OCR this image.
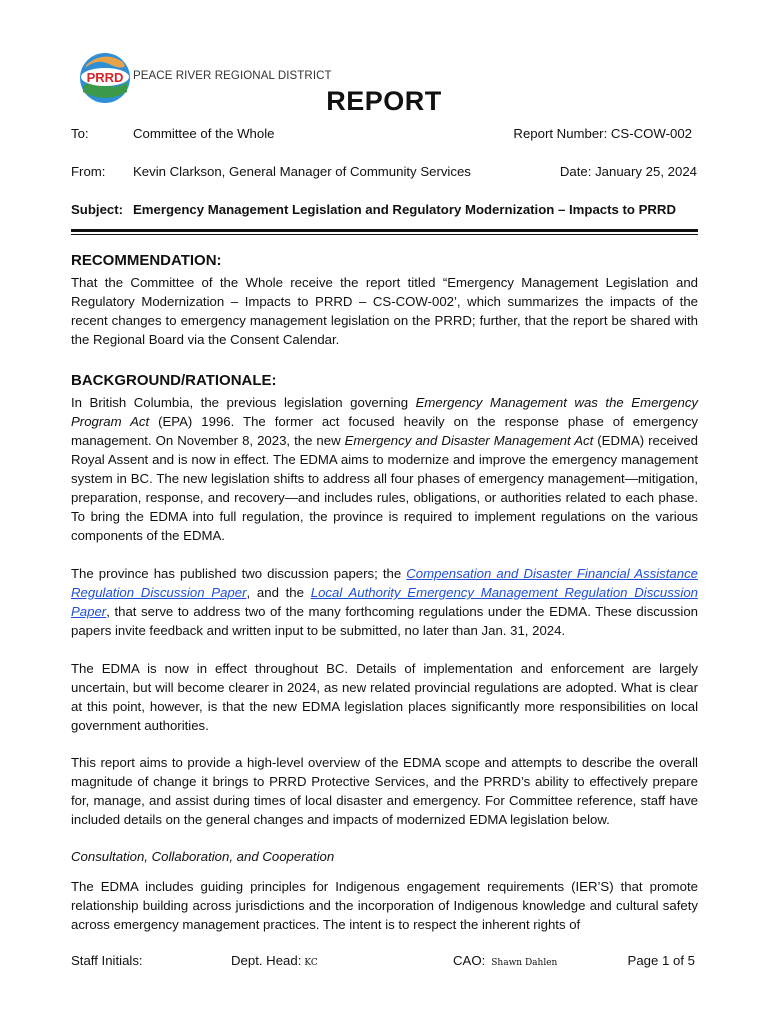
PRRD PEACE RIVER REGIONAL DISTRICT
REPORT
To:	Committee of the Whole	Report Number: CS-COW-002
From: Kevin Clarkson, General Manager of Community Services	Date: January 25, 2024
Subject: Emergency Management Legislation and Regulatory Modernization – Impacts to PRRD
RECOMMENDATION:
That the Committee of the Whole receive the report titled “Emergency Management Legislation and Regulatory Modernization – Impacts to PRRD – CS-COW-002’, which summarizes the impacts of the recent changes to emergency management legislation on the PRRD; further, that the report be shared with the Regional Board via the Consent Calendar.
BACKGROUND/RATIONALE:
In British Columbia, the previous legislation governing Emergency Management was the Emergency Program Act (EPA) 1996. The former act focused heavily on the response phase of emergency management. On November 8, 2023, the new Emergency and Disaster Management Act (EDMA) received Royal Assent and is now in effect. The EDMA aims to modernize and improve the emergency management system in BC. The new legislation shifts to address all four phases of emergency management—mitigation, preparation, response, and recovery—and includes rules, obligations, or authorities related to each phase. To bring the EDMA into full regulation, the province is required to implement regulations on the various components of the EDMA.
The province has published two discussion papers; the Compensation and Disaster Financial Assistance Regulation Discussion Paper, and the Local Authority Emergency Management Regulation Discussion Paper, that serve to address two of the many forthcoming regulations under the EDMA. These discussion papers invite feedback and written input to be submitted, no later than Jan. 31, 2024.
The EDMA is now in effect throughout BC. Details of implementation and enforcement are largely uncertain, but will become clearer in 2024, as new related provincial regulations are adopted. What is clear at this point, however, is that the new EDMA legislation places significantly more responsibilities on local government authorities.
This report aims to provide a high-level overview of the EDMA scope and attempts to describe the overall magnitude of change it brings to PRRD Protective Services, and the PRRD’s ability to effectively prepare for, manage, and assist during times of local disaster and emergency. For Committee reference, staff have included details on the general changes and impacts of modernized EDMA legislation below.
Consultation, Collaboration, and Cooperation
The EDMA includes guiding principles for Indigenous engagement requirements (IER’S) that promote relationship building across jurisdictions and the incorporation of Indigenous knowledge and cultural safety across emergency management practices. The intent is to respect the inherent rights of
Staff Initials:	Dept. Head: KC	CAO: Shawn Dahlen	Page 1 of 5
